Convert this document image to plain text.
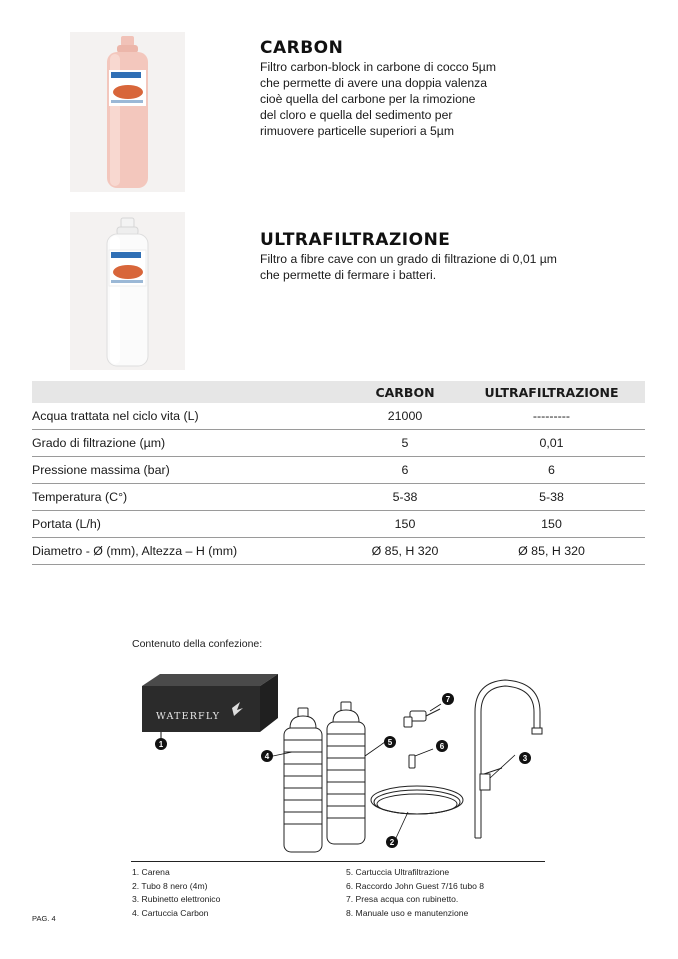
CARBON
Filtro carbon-block in carbone di cocco 5µm
che permette di avere una doppia valenza
cioè quella del carbone per la rimozione
del cloro e quella del sedimento per
rimuovere particelle superiori a 5µm
ULTRAFILTRAZIONE
Filtro a fibre cave con un grado di filtrazione di 0,01 µm
che permette di fermare i batteri.
	CARBON	ULTRAFILTRAZIONE
Acqua trattata nel ciclo vita (L)	21000	---------
Grado di filtrazione (µm)	5	0,01
Pressione massima (bar)	6	6
Temperatura (C°)	5-38	5-38
Portata (L/h)	150	150
Diametro - Ø (mm), Altezza – H (mm)	Ø 85, H 320	Ø 85, H 320
Contenuto della confezione:
WATERFLY
1
2
3
4
5	6
7
1. Carena
2. Tubo 8 nero (4m)
3. Rubinetto elettronico
4. Cartuccia Carbon
5. Cartuccia Ultrafiltrazione
6. Raccordo John Guest 7/16 tubo 8
7. Presa acqua con rubinetto.
8. Manuale uso e manutenzione
PAG. 4
